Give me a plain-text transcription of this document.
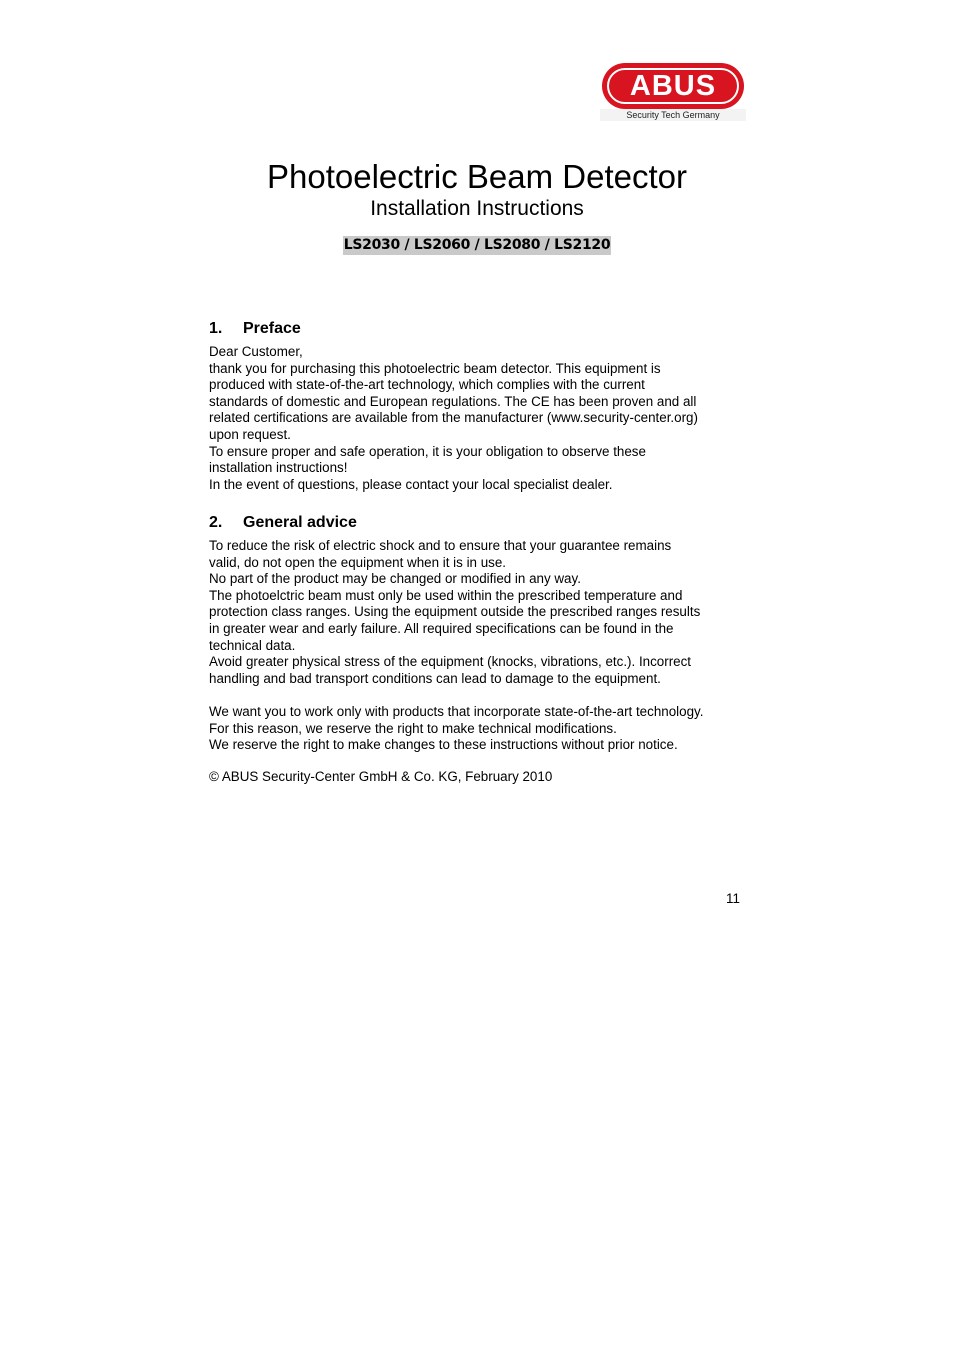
ABUS
Security Tech Germany
Photoelectric Beam Detector
Installation Instructions
LS2030 / LS2060 / LS2080 / LS2120
1. Preface
Dear Customer,
thank you for purchasing this photoelectric beam detector. This equipment is
produced with state-of-the-art technology, which complies with the current
standards of domestic and European regulations. The CE has been proven and all
related certifications are available from the manufacturer (www.security-center.org)
upon request.
To ensure proper and safe operation, it is your obligation to observe these
installation instructions!
In the event of questions, please contact your local specialist dealer.
2. General advice
To reduce the risk of electric shock and to ensure that your guarantee remains
valid, do not open the equipment when it is in use.
No part of the product may be changed or modified in any way.
The photoelctric beam must only be used within the prescribed temperature and
protection class ranges. Using the equipment outside the prescribed ranges results
in greater wear and early failure. All required specifications can be found in the
technical data.
Avoid greater physical stress of the equipment (knocks, vibrations, etc.). Incorrect
handling and bad transport conditions can lead to damage to the equipment.
We want you to work only with products that incorporate state-of-the-art technology.
For this reason, we reserve the right to make technical modifications.
We reserve the right to make changes to these instructions without prior notice.
© ABUS Security-Center GmbH & Co. KG, February 2010
11
